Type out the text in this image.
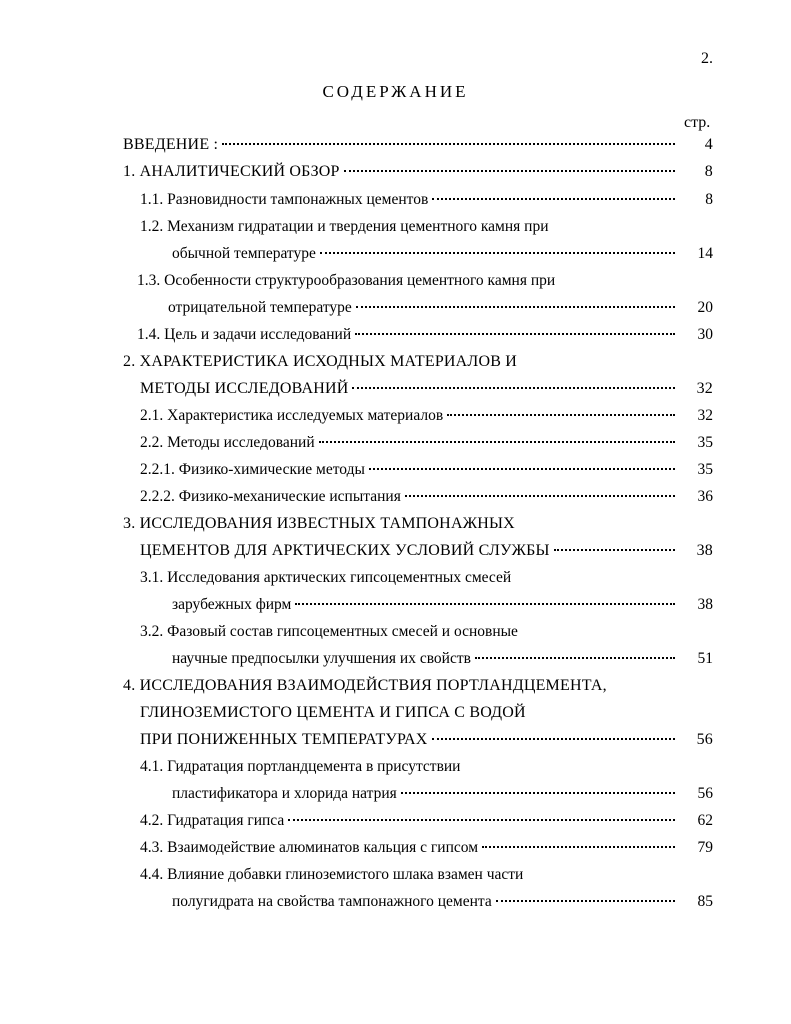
2.
СОДЕРЖАНИЕ
стр.
ВВЕДЕНИЕ :	4
1. АНАЛИТИЧЕСКИЙ ОБЗОР	8
1.1. Разновидности тампонажных цементов	8
1.2. Механизм гидратации и твердения цементного камня при
обычной температуре	14
1.3. Особенности структурообразования цементного камня при
отрицательной температуре	20
1.4. Цель и задачи исследований	30
2. ХАРАКТЕРИСТИКА ИСХОДНЫХ МАТЕРИАЛОВ И
МЕТОДЫ ИССЛЕДОВАНИЙ	32
2.1. Характеристика исследуемых материалов	32
2.2. Методы исследований	35
2.2.1. Физико-химические методы	35
2.2.2. Физико-механические испытания	36
3. ИССЛЕДОВАНИЯ ИЗВЕСТНЫХ ТАМПОНАЖНЫХ
ЦЕМЕНТОВ ДЛЯ АРКТИЧЕСКИХ УСЛОВИЙ СЛУЖБЫ	38
3.1. Исследования арктических гипсоцементных смесей
зарубежных фирм	38
3.2. Фазовый состав гипсоцементных смесей и основные
научные предпосылки улучшения их свойств	51
4. ИССЛЕДОВАНИЯ ВЗАИМОДЕЙСТВИЯ ПОРТЛАНДЦЕМЕНТА,
ГЛИНОЗЕМИСТОГО ЦЕМЕНТА И ГИПСА С ВОДОЙ
ПРИ ПОНИЖЕННЫХ ТЕМПЕРАТУРАХ	56
4.1. Гидратация портландцемента в присутствии
пластификатора и хлорида натрия	56
4.2. Гидратация гипса	62
4.3. Взаимодействие алюминатов кальция с гипсом	79
4.4. Влияние добавки глиноземистого шлака взамен части
полугидрата на свойства тампонажного цемента	85
